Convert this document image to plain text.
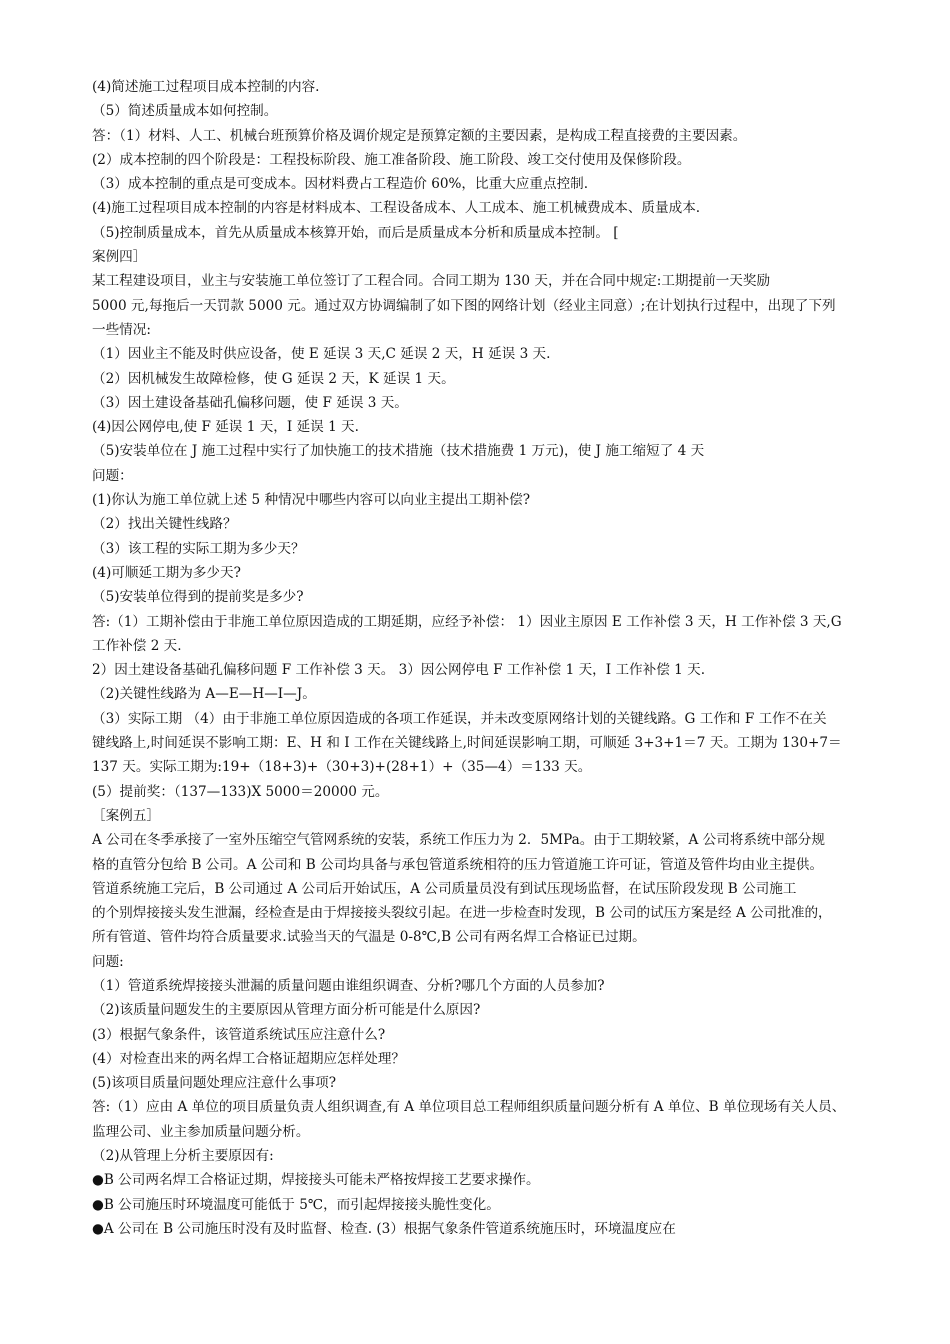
(4)简述施工过程项目成本控制的内容.
（5）简述质量成本如何控制。
答：（1）材料、人工、机械台班预算价格及调价规定是预算定额的主要因素，是构成工程直接费的主要因素。
(2）成本控制的四个阶段是：工程投标阶段、施工准备阶段、施工阶段、竣工交付使用及保修阶段。
（3）成本控制的重点是可变成本。因材料费占工程造价 60%，比重大应重点控制.
(4)施工过程项目成本控制的内容是材料成本、工程设备成本、人工成本、施工机械费成本、质量成本.
（5)控制质量成本，首先从质量成本核算开始，而后是质量成本分析和质量成本控制。 [
案例四］
某工程建设项目，业主与安装施工单位签订了工程合同。合同工期为 130 天，并在合同中规定:工期提前一天奖励
5000 元,每拖后一天罚款 5000 元。通过双方协调编制了如下图的网络计划（经业主同意）;在计划执行过程中，出现了下列
一些情况:
（1）因业主不能及时供应设备，使 E 延误 3 天,C 延误 2 天，H 延误 3 天.
（2）因机械发生故障检修，使 G 延误 2 天，K 延误 1 天。
（3）因土建设备基础孔偏移问题，使 F 延误 3 天。
(4)因公网停电,使 F 延误 1 天，I 延误 1 天.
（5)安装单位在 J 施工过程中实行了加快施工的技术措施（技术措施费 1 万元)，使 J 施工缩短了 4 天
问题：
(1)你认为施工单位就上述 5 种情况中哪些内容可以向业主提出工期补偿?
（2）找出关键性线路？
（3）该工程的实际工期为多少天？
(4)可顺延工期为多少天?
（5)安装单位得到的提前奖是多少?
答:（1）工期补偿由于非施工单位原因造成的工期延期，应经予补偿： 1）因业主原因 E 工作补偿 3 天，H 工作补偿 3 天,G
工作补偿 2 天.
2）因土建设备基础孔偏移问题 F 工作补偿 3 天。 3）因公网停电 F 工作补偿 1 天，I 工作补偿 1 天.
（2)关键性线路为 A—E—H—I—J。
（3）实际工期 （4）由于非施工单位原因造成的各项工作延误，并未改变原网络计划的关键线路。G 工作和 F 工作不在关
键线路上,时间延误不影响工期：E、H 和 I 工作在关键线路上,时间延误影响工期，可顺延 3+3+1＝7 天。工期为 130+7＝
137 天。实际工期为:19+（18+3)+（30+3)+(28+1）+（35—4）＝133 天。
(5）提前奖：（137—133)X 5000＝20000 元。
［案例五］
A 公司在冬季承接了一室外压缩空气管网系统的安装，系统工作压力为 2．5MPa。由于工期较紧，A 公司将系统中部分规
格的直管分包给 B 公司。A 公司和 B 公司均具备与承包管道系统相符的压力管道施工许可证，管道及管件均由业主提供。
管道系统施工完后，B 公司通过 A 公司后开始试压，A 公司质量员没有到试压现场监督，在试压阶段发现 B 公司施工
的个别焊接接头发生泄漏，经检查是由于焊接接头裂纹引起。在进一步检查时发现，B 公司的试压方案是经 A 公司批准的，
所有管道、管件均符合质量要求.试验当天的气温是 0-8℃,B 公司有两名焊工合格证已过期。
问题:
（1）管道系统焊接接头泄漏的质量问题由谁组织调查、分析?哪几个方面的人员参加?
（2)该质量问题发生的主要原因从管理方面分析可能是什么原因?
(3）根据气象条件，该管道系统试压应注意什么?
(4）对检查出来的两名焊工合格证超期应怎样处理？
(5)该项目质量问题处理应注意什么事项?
答:（1）应由 A 单位的项目质量负责人组织调查,有 A 单位项目总工程师组织质量问题分析有 A 单位、B 单位现场有关人员、
监理公司、业主参加质量问题分析。
（2)从管理上分析主要原因有:
●B 公司两名焊工合格证过期，焊接接头可能未严格按焊接工艺要求操作。
●B 公司施压时环境温度可能低于 5℃，而引起焊接接头脆性变化。
●A 公司在 B 公司施压时没有及时监督、检查. (3）根据气象条件管道系统施压时，环境温度应在
